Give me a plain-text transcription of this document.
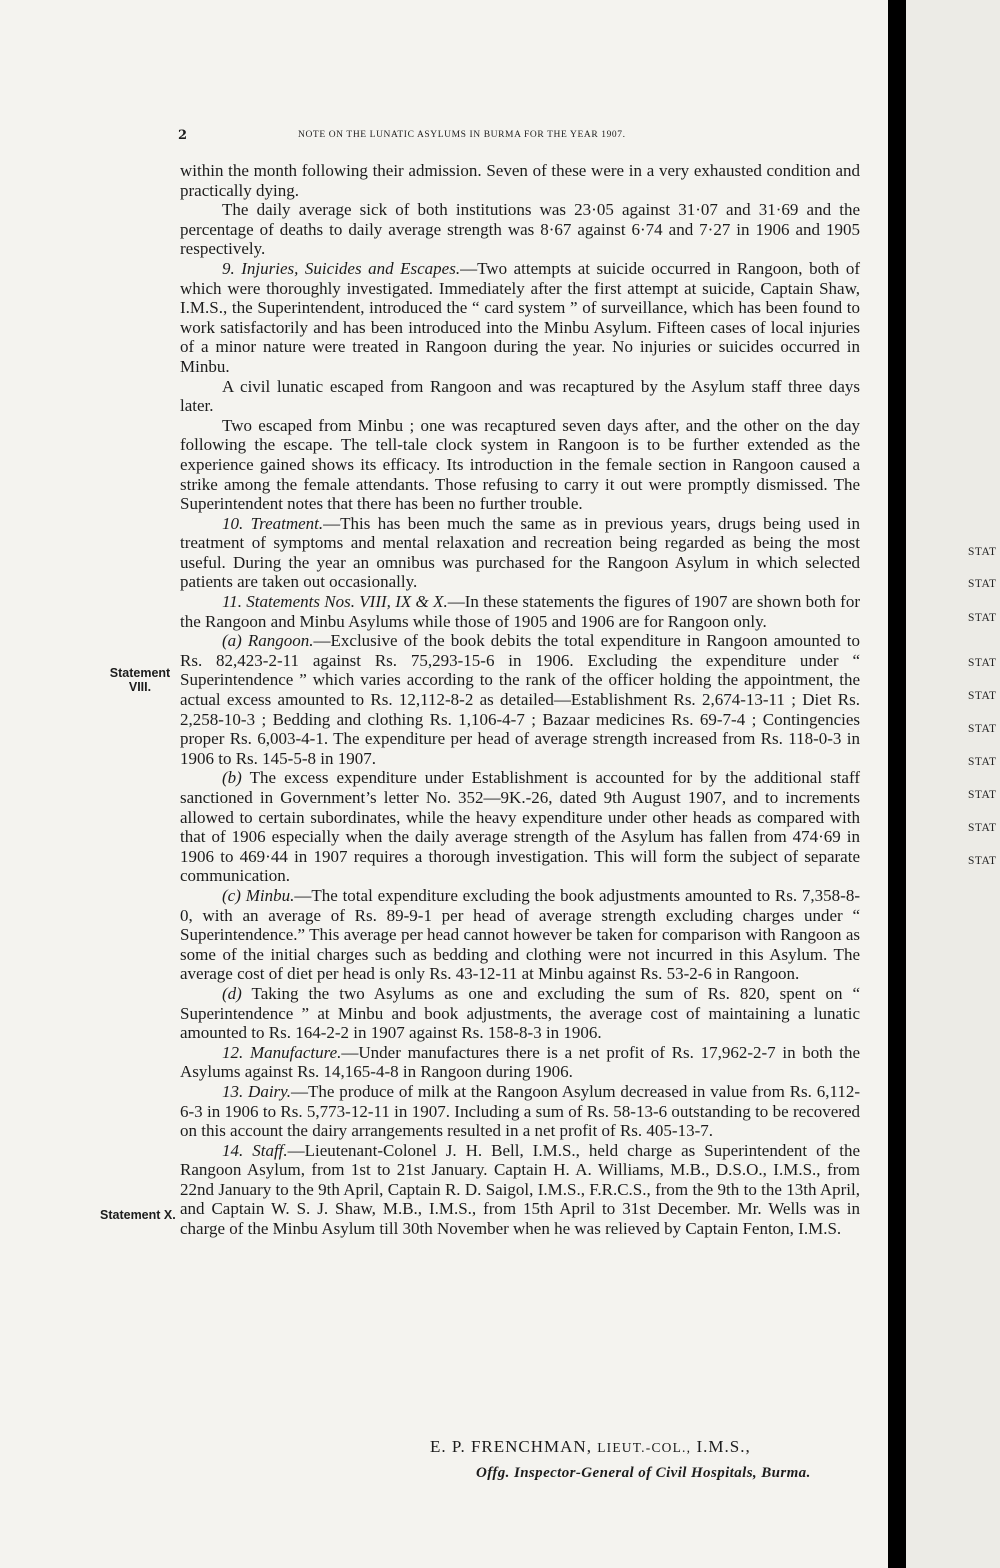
2	NOTE ON THE LUNATIC ASYLUMS IN BURMA FOR THE YEAR 1907.
Statement VIII.
Statement X.

within the month following their admission. Seven of these were in a very exhausted condition and practically dying.

The daily average sick of both institutions was 23·05 against 31·07 and 31·69 and the percentage of deaths to daily average strength was 8·67 against 6·74 and 7·27 in 1906 and 1905 respectively.

9. Injuries, Suicides and Escapes.—Two attempts at suicide occurred in Rangoon, both of which were thoroughly investigated. Immediately after the first attempt at suicide, Captain Shaw, I.M.S., the Superintendent, introduced the “ card system ” of surveillance, which has been found to work satisfactorily and has been introduced into the Minbu Asylum. Fifteen cases of local injuries of a minor nature were treated in Rangoon during the year. No injuries or suicides occurred in Minbu.

A civil lunatic escaped from Rangoon and was recaptured by the Asylum staff three days later.

Two escaped from Minbu ; one was recaptured seven days after, and the other on the day following the escape. The tell-tale clock system in Rangoon is to be further extended as the experience gained shows its efficacy. Its introduction in the female section in Rangoon caused a strike among the female attendants. Those refusing to carry it out were promptly dismissed. The Superintendent notes that there has been no further trouble.

10. Treatment.—This has been much the same as in previous years, drugs being used in treatment of symptoms and mental relaxation and recreation being regarded as being the most useful. During the year an omnibus was purchased for the Rangoon Asylum in which selected patients are taken out occasionally.

11. Statements Nos. VIII, IX & X.—In these statements the figures of 1907 are shown both for the Rangoon and Minbu Asylums while those of 1905 and 1906 are for Rangoon only.

(a) Rangoon.—Exclusive of the book debits the total expenditure in Rangoon amounted to Rs. 82,423-2-11 against Rs. 75,293-15-6 in 1906. Excluding the expenditure under “ Superintendence ” which varies according to the rank of the officer holding the appointment, the actual excess amounted to Rs. 12,112-8-2 as detailed—Establishment Rs. 2,674-13-11 ; Diet Rs. 2,258-10-3 ; Bedding and clothing Rs. 1,106-4-7 ; Bazaar medicines Rs. 69-7-4 ; Contingencies proper Rs. 6,003-4-1. The expenditure per head of average strength increased from Rs. 118-0-3 in 1906 to Rs. 145-5-8 in 1907.

(b) The excess expenditure under Establishment is accounted for by the additional staff sanctioned in Government’s letter No. 352—9K.-26, dated 9th August 1907, and to increments allowed to certain subordinates, while the heavy expenditure under other heads as compared with that of 1906 especially when the daily average strength of the Asylum has fallen from 474·69 in 1906 to 469·44 in 1907 requires a thorough investigation. This will form the subject of separate communication.

(c) Minbu.—The total expenditure excluding the book adjustments amounted to Rs. 7,358-8-0, with an average of Rs. 89-9-1 per head of average strength excluding charges under “ Superintendence.” This average per head cannot however be taken for comparison with Rangoon as some of the initial charges such as bedding and clothing were not incurred in this Asylum. The average cost of diet per head is only Rs. 43-12-11 at Minbu against Rs. 53-2-6 in Rangoon.

(d) Taking the two Asylums as one and excluding the sum of Rs. 820, spent on “ Superintendence ” at Minbu and book adjustments, the average cost of maintaining a lunatic amounted to Rs. 164-2-2 in 1907 against Rs. 158-8-3 in 1906.

12. Manufacture.—Under manufactures there is a net profit of Rs. 17,962-2-7 in both the Asylums against Rs. 14,165-4-8 in Rangoon during 1906.

13. Dairy.—The produce of milk at the Rangoon Asylum decreased in value from Rs. 6,112-6-3 in 1906 to Rs. 5,773-12-11 in 1907. Including a sum of Rs. 58-13-6 outstanding to be recovered on this account the dairy arrangements resulted in a net profit of Rs. 405-13-7.

14. Staff.—Lieutenant-Colonel J. H. Bell, I.M.S., held charge as Superintendent of the Rangoon Asylum, from 1st to 21st January. Captain H. A. Williams, M.B., D.S.O., I.M.S., from 22nd January to the 9th April, Captain R. D. Saigol, I.M.S., F.R.C.S., from the 9th to the 13th April, and Captain W. S. J. Shaw, M.B., I.M.S., from 15th April to 31st December. Mr. Wells was in charge of the Minbu Asylum till 30th November when he was relieved by Captain Fenton, I.M.S.

E. P. FRENCHMAN, LIEUT.-COL., I.M.S.,
Offg. Inspector-General of Civil Hospitals, Burma.
STAT
STAT
STAT
STAT
STAT
STAT
STAT
STAT
STAT
STAT
